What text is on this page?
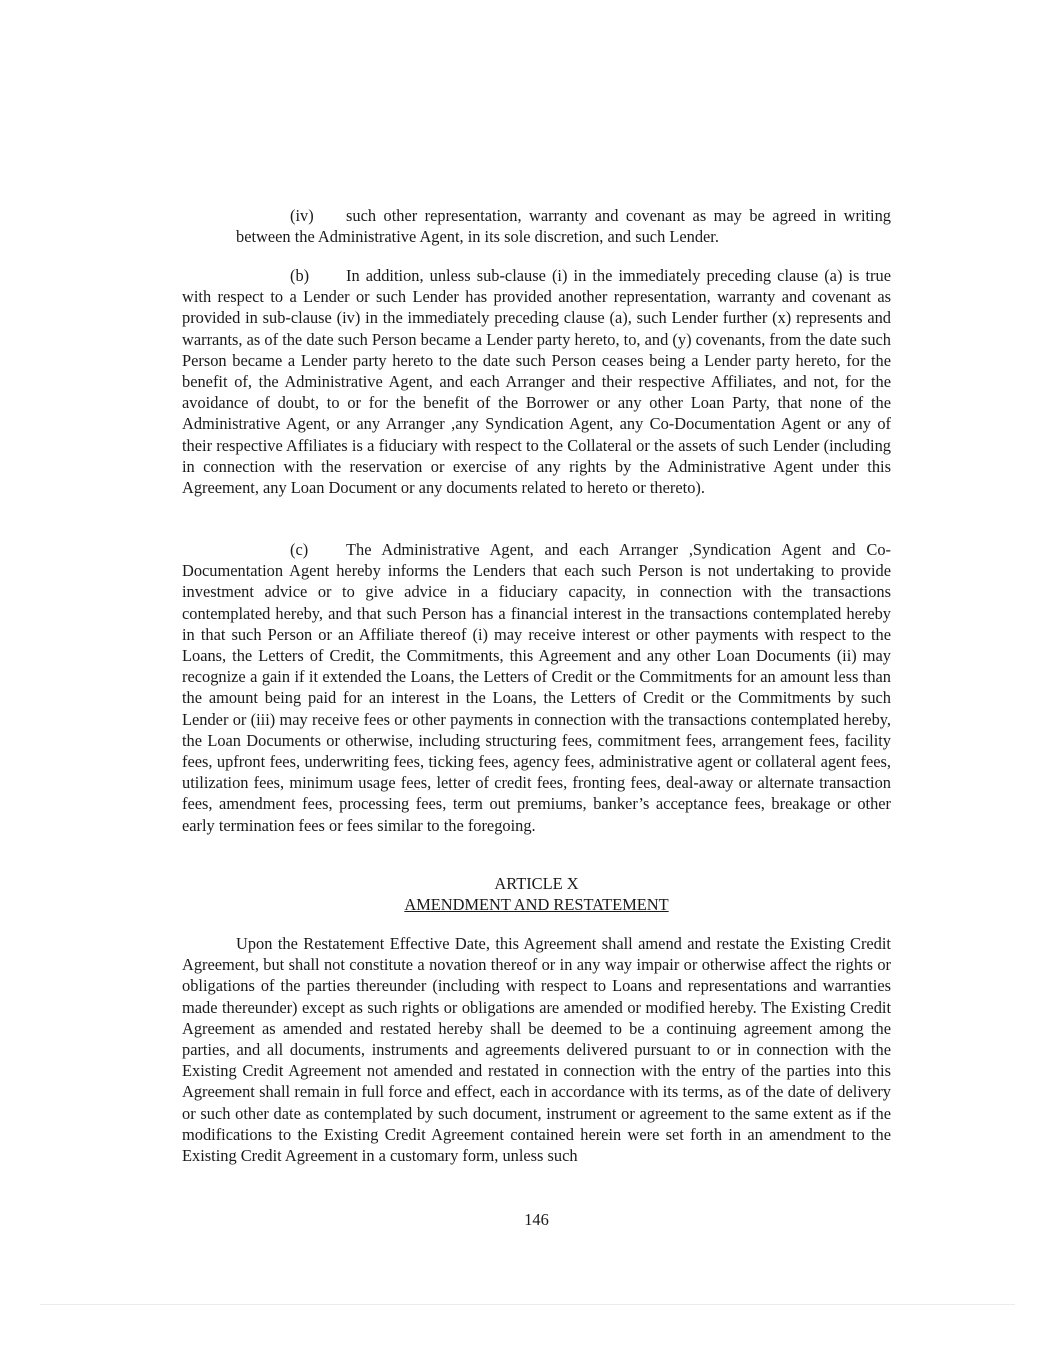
(iv) such other representation, warranty and covenant as may be agreed in writing between the Administrative Agent, in its sole discretion, and such Lender.

(b) In addition, unless sub-clause (i) in the immediately preceding clause (a) is true with respect to a Lender or such Lender has provided another representation, warranty and covenant as provided in sub-clause (iv) in the immediately preceding clause (a), such Lender further (x) represents and warrants, as of the date such Person became a Lender party hereto, to, and (y) covenants, from the date such Person became a Lender party hereto to the date such Person ceases being a Lender party hereto, for the benefit of, the Administrative Agent, and each Arranger and their respective Affiliates, and not, for the avoidance of doubt, to or for the benefit of the Borrower or any other Loan Party, that none of the Administrative Agent, or any Arranger ,any Syndication Agent, any Co-Documentation Agent or any of their respective Affiliates is a fiduciary with respect to the Collateral or the assets of such Lender (including in connection with the reservation or exercise of any rights by the Administrative Agent under this Agreement, any Loan Document or any documents related to hereto or thereto).

(c) The Administrative Agent, and each Arranger ,Syndication Agent and Co-Documentation Agent hereby informs the Lenders that each such Person is not undertaking to provide investment advice or to give advice in a fiduciary capacity, in connection with the transactions contemplated hereby, and that such Person has a financial interest in the transactions contemplated hereby in that such Person or an Affiliate thereof (i) may receive interest or other payments with respect to the Loans, the Letters of Credit, the Commitments, this Agreement and any other Loan Documents (ii) may recognize a gain if it extended the Loans, the Letters of Credit or the Commitments for an amount less than the amount being paid for an interest in the Loans, the Letters of Credit or the Commitments by such Lender or (iii) may receive fees or other payments in connection with the transactions contemplated hereby, the Loan Documents or otherwise, including structuring fees, commitment fees, arrangement fees, facility fees, upfront fees, underwriting fees, ticking fees, agency fees, administrative agent or collateral agent fees, utilization fees, minimum usage fees, letter of credit fees, fronting fees, deal-away or alternate transaction fees, amendment fees, processing fees, term out premiums, banker’s acceptance fees, breakage or other early termination fees or fees similar to the foregoing.

ARTICLE X

AMENDMENT AND RESTATEMENT

Upon the Restatement Effective Date, this Agreement shall amend and restate the Existing Credit Agreement, but shall not constitute a novation thereof or in any way impair or otherwise affect the rights or obligations of the parties thereunder (including with respect to Loans and representations and warranties made thereunder) except as such rights or obligations are amended or modified hereby. The Existing Credit Agreement as amended and restated hereby shall be deemed to be a continuing agreement among the parties, and all documents, instruments and agreements delivered pursuant to or in connection with the Existing Credit Agreement not amended and restated in connection with the entry of the parties into this Agreement shall remain in full force and effect, each in accordance with its terms, as of the date of delivery or such other date as contemplated by such document, instrument or agreement to the same extent as if the modifications to the Existing Credit Agreement contained herein were set forth in an amendment to the Existing Credit Agreement in a customary form, unless such

146
